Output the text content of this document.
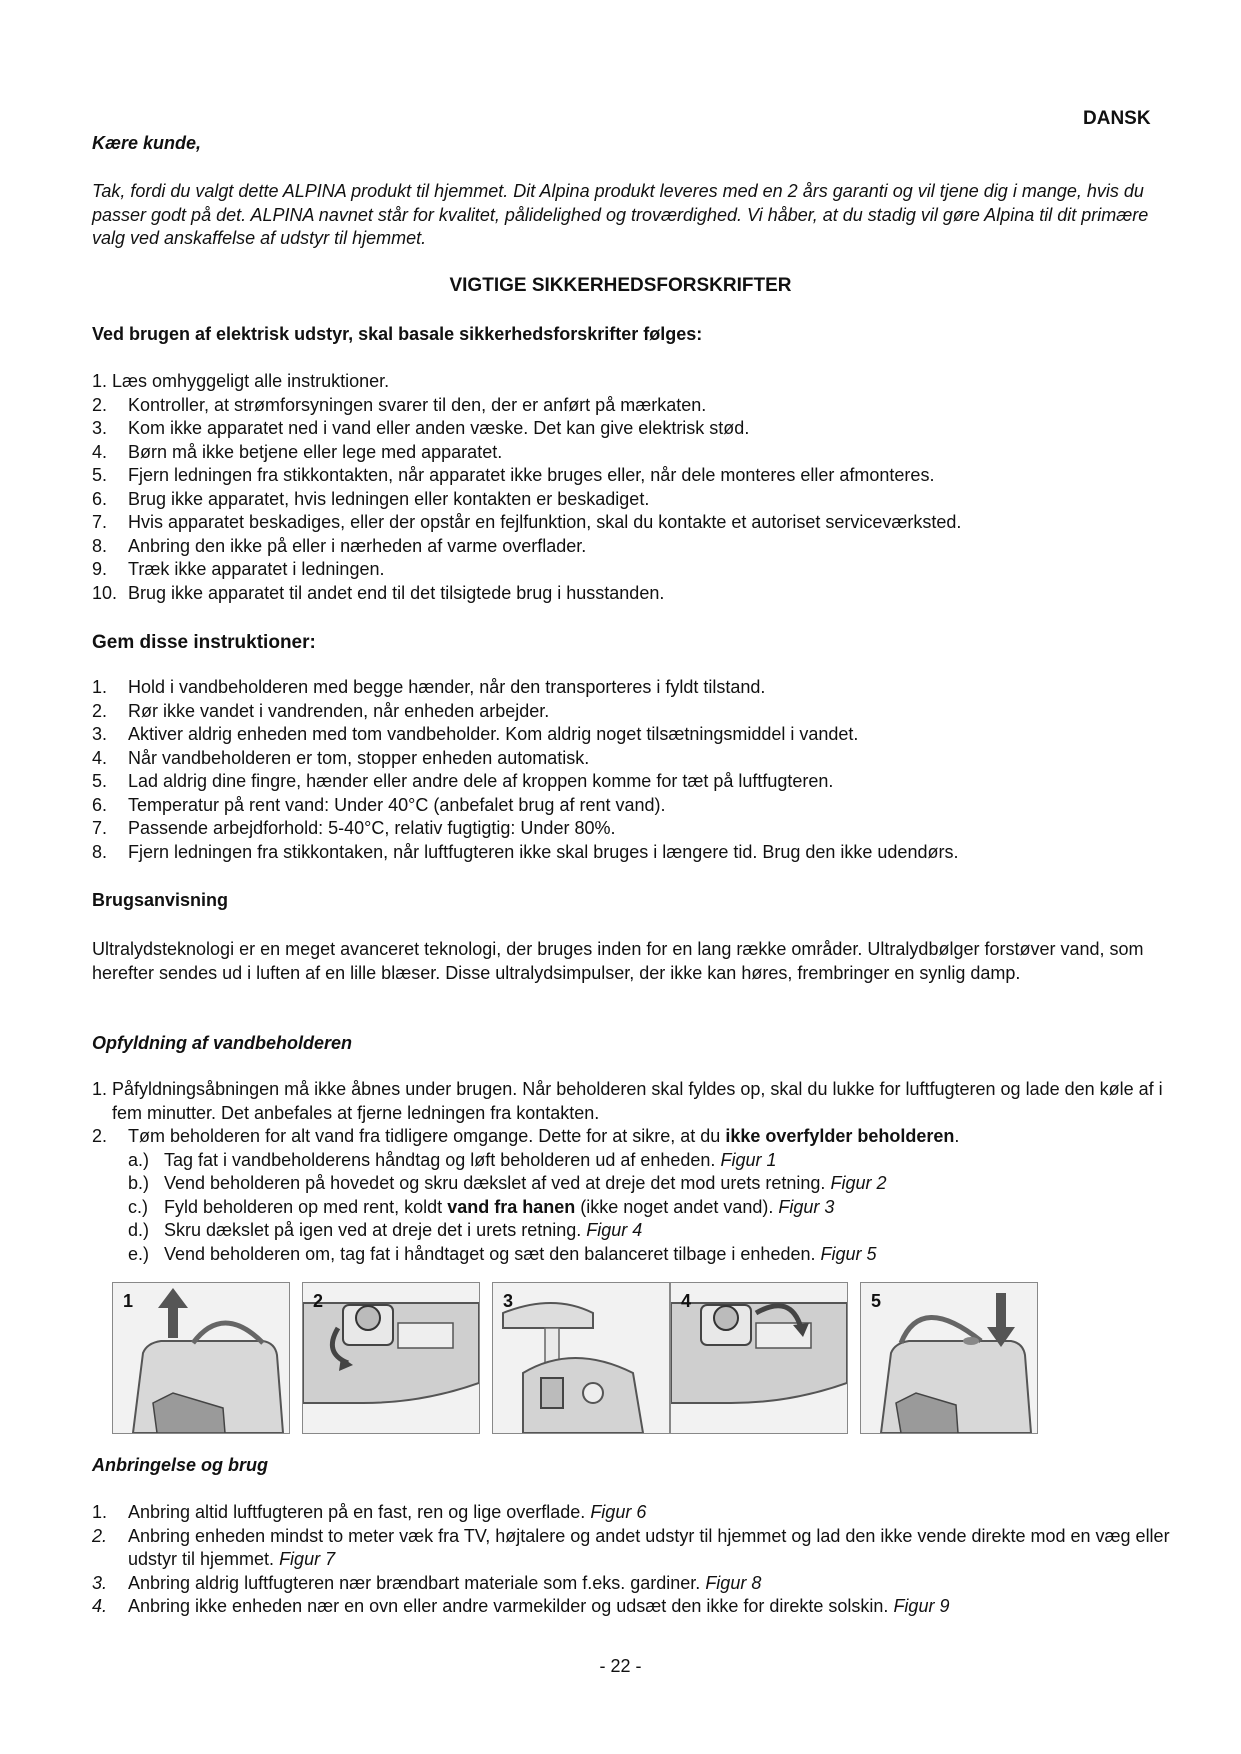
DANSK
Kære kunde,
Tak, fordi du valgt dette ALPINA produkt til hjemmet. Dit Alpina produkt leveres med en 2 års garanti og vil tjene dig i mange, hvis du passer godt på det. ALPINA navnet står for kvalitet, pålidelighed og troværdighed. Vi håber, at du stadig vil gøre Alpina til dit primære valg ved anskaffelse af udstyr til hjemmet.
VIGTIGE SIKKERHEDSFORSKRIFTER
Ved brugen af elektrisk udstyr, skal basale sikkerhedsforskrifter følges:
1. Læs omhyggeligt alle instruktioner.
2. Kontroller, at strømforsyningen svarer til den, der er anført på mærkaten.
3. Kom ikke apparatet ned i vand eller anden væske. Det kan give elektrisk stød.
4. Børn må ikke betjene eller lege med apparatet.
5. Fjern ledningen fra stikkontakten, når apparatet ikke bruges eller, når dele monteres eller afmonteres.
6. Brug ikke apparatet, hvis ledningen eller kontakten er beskadiget.
7. Hvis apparatet beskadiges, eller der opstår en fejlfunktion, skal du kontakte et autoriset serviceværksted.
8. Anbring den ikke på eller i nærheden af varme overflader.
9. Træk ikke apparatet i ledningen.
10. Brug ikke apparatet til andet end til det tilsigtede brug i husstanden.
Gem disse instruktioner:
1. Hold i vandbeholderen med begge hænder, når den transporteres i fyldt tilstand.
2. Rør ikke vandet i vandrenden, når enheden arbejder.
3. Aktiver aldrig enheden med tom vandbeholder. Kom aldrig noget tilsætningsmiddel i vandet.
4. Når vandbeholderen er tom, stopper enheden automatisk.
5. Lad aldrig dine fingre, hænder eller andre dele af kroppen komme for tæt på luftfugteren.
6. Temperatur på rent vand: Under 40°C (anbefalet brug af rent vand).
7. Passende arbejdforhold: 5-40°C, relativ fugtigtig: Under 80%.
8. Fjern ledningen fra stikkontaken, når luftfugteren ikke skal bruges i længere tid. Brug den ikke udendørs.
Brugsanvisning
Ultralydsteknologi er en meget avanceret teknologi, der bruges inden for en lang række områder. Ultralydbølger forstøver vand, som herefter sendes ud i luften af en lille blæser. Disse ultralydsimpulser, der ikke kan høres, frembringer en synlig damp.
Opfyldning af vandbeholderen
1. Påfyldningsåbningen må ikke åbnes under brugen. Når beholderen skal fyldes op, skal du lukke for luftfugteren og lade den køle af i fem minutter. Det anbefales at fjerne ledningen fra kontakten.
2. Tøm beholderen for alt vand fra tidligere omgange. Dette for at sikre, at du ikke overfylder beholderen.
a.) Tag fat i vandbeholderens håndtag og løft beholderen ud af enheden. Figur 1
b.) Vend beholderen på hovedet og skru dækslet af ved at dreje det mod urets retning. Figur 2
c.) Fyld beholderen op med rent, koldt vand fra hanen (ikke noget andet vand). Figur 3
d.) Skru dækslet på igen ved at dreje det i urets retning. Figur 4
e.) Vend beholderen om, tag fat i håndtaget og sæt den balanceret tilbage i enheden. Figur 5
1	2	3	4	5
Anbringelse og brug
1. Anbring altid luftfugteren på en fast, ren og lige overflade. Figur 6
2. Anbring enheden mindst to meter væk fra TV, højtalere og andet udstyr til hjemmet og lad den ikke vende direkte mod en væg eller udstyr til hjemmet. Figur 7
3. Anbring aldrig luftfugteren nær brændbart materiale som f.eks. gardiner. Figur 8
4. Anbring ikke enheden nær en ovn eller andre varmekilder og udsæt den ikke for direkte solskin. Figur 9
- 22 -
